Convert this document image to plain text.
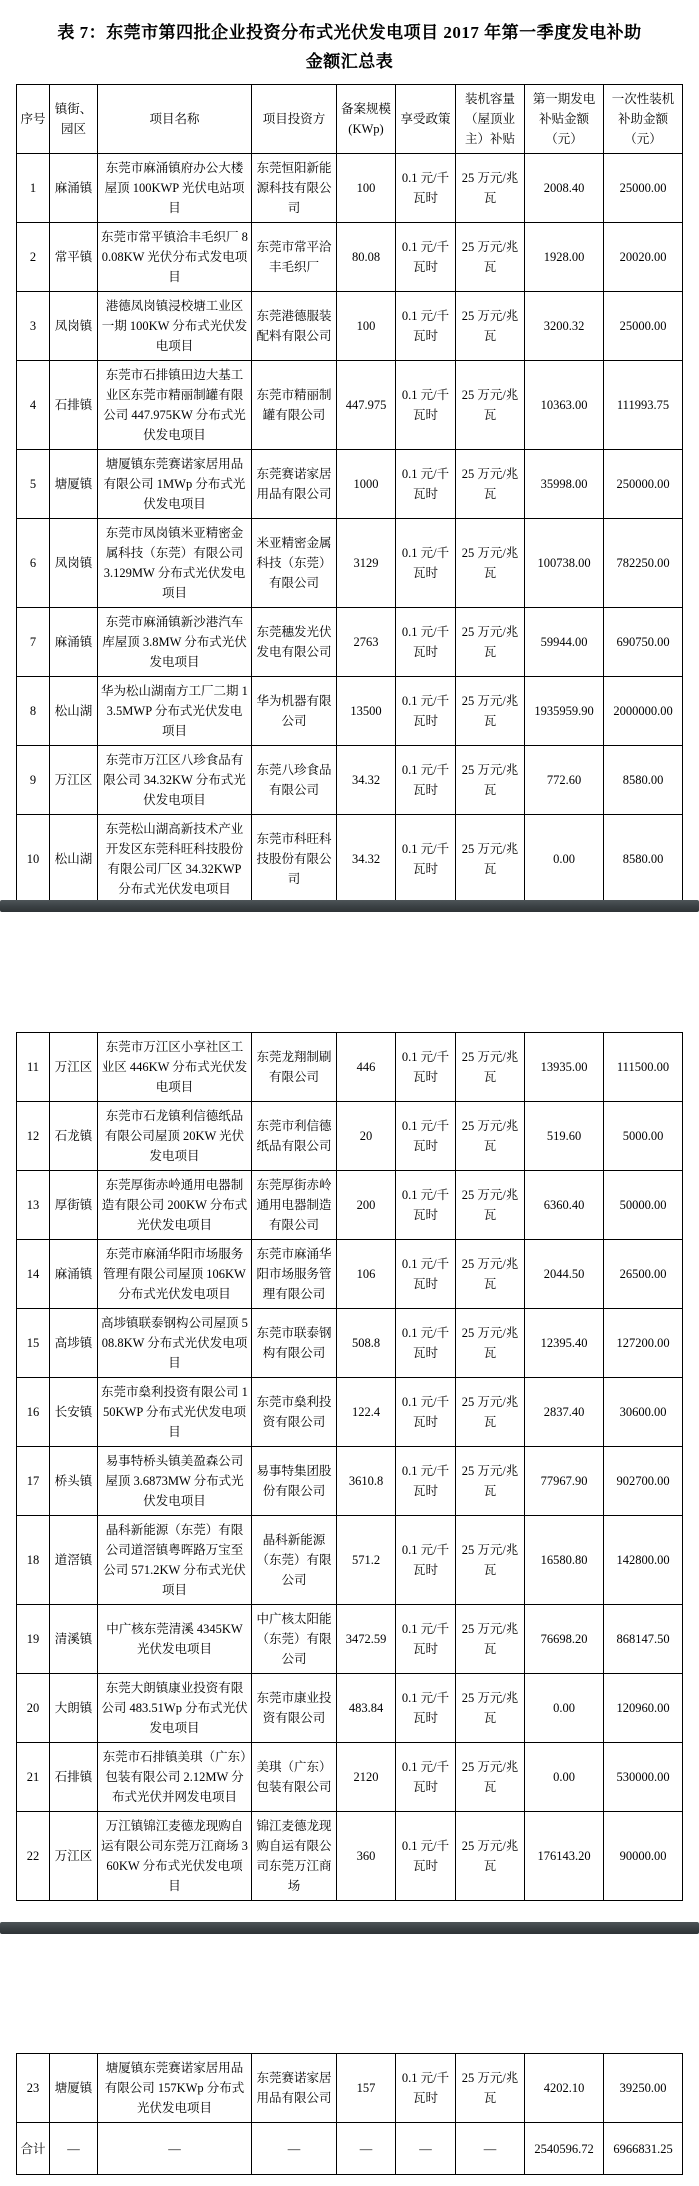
表 7：东莞市第四批企业投资分布式光伏发电项目 2017 年第一季度发电补助金额汇总表
序号	镇街、园区	项目名称	项目投资方	备案规模(KWp)	享受政策	装机容量（屋顶业主）补贴	第一期发电补贴金额（元）	一次性装机补助金额（元）
1	麻涌镇	东莞市麻涌镇府办公大楼屋顶 100KWP 光伏电站项目	东莞恒阳新能源科技有限公司	100	0.1 元/千瓦时	25 万元/兆瓦	2008.40	25000.00
2	常平镇	东莞市常平镇洽丰毛织厂 80.08KW 光伏分布式发电项目	东莞市常平洽丰毛织厂	80.08	0.1 元/千瓦时	25 万元/兆瓦	1928.00	20020.00
3	凤岗镇	港德凤岗镇浸校塘工业区一期 100KW 分布式光伏发电项目	东莞港德服装配料有限公司	100	0.1 元/千瓦时	25 万元/兆瓦	3200.32	25000.00
4	石排镇	东莞市石排镇田边大基工业区东莞市精丽制罐有限公司 447.975KW 分布式光伏发电项目	东莞市精丽制罐有限公司	447.975	0.1 元/千瓦时	25 万元/兆瓦	10363.00	111993.75
5	塘厦镇	塘厦镇东莞赛诺家居用品有限公司 1MWp 分布式光伏发电项目	东莞赛诺家居用品有限公司	1000	0.1 元/千瓦时	25 万元/兆瓦	35998.00	250000.00
6	凤岗镇	东莞市凤岗镇米亚精密金属科技（东莞）有限公司 3.129MW 分布式光伏发电项目	米亚精密金属科技（东莞）有限公司	3129	0.1 元/千瓦时	25 万元/兆瓦	100738.00	782250.00
7	麻涌镇	东莞市麻涌镇新沙港汽车库屋顶 3.8MW 分布式光伏发电项目	东莞穗发光伏发电有限公司	2763	0.1 元/千瓦时	25 万元/兆瓦	59944.00	690750.00
8	松山湖	华为松山湖南方工厂二期 13.5MWP 分布式光伏发电项目	华为机器有限公司	13500	0.1 元/千瓦时	25 万元/兆瓦	1935959.90	2000000.00
9	万江区	东莞市万江区八珍食品有限公司 34.32KW 分布式光伏发电项目	东莞八珍食品有限公司	34.32	0.1 元/千瓦时	25 万元/兆瓦	772.60	8580.00
10	松山湖	东莞松山湖高新技术产业开发区东莞科旺科技股份有限公司厂区 34.32KWP 分布式光伏发电项目	东莞市科旺科技股份有限公司	34.32	0.1 元/千瓦时	25 万元/兆瓦	0.00	8580.00
11	万江区	东莞市万江区小享社区工业区 446KW 分布式光伏发电项目	东莞龙翔制刷有限公司	446	0.1 元/千瓦时	25 万元/兆瓦	13935.00	111500.00
12	石龙镇	东莞市石龙镇利信德纸品有限公司屋顶 20KW 光伏发电项目	东莞市利信德纸品有限公司	20	0.1 元/千瓦时	25 万元/兆瓦	519.60	5000.00
13	厚街镇	东莞厚街赤岭通用电器制造有限公司 200KW 分布式光伏发电项目	东莞厚街赤岭通用电器制造有限公司	200	0.1 元/千瓦时	25 万元/兆瓦	6360.40	50000.00
14	麻涌镇	东莞市麻涌华阳市场服务管理有限公司屋顶 106KW 分布式光伏发电项目	东莞市麻涌华阳市场服务管理有限公司	106	0.1 元/千瓦时	25 万元/兆瓦	2044.50	26500.00
15	高埗镇	高埗镇联泰钢构公司屋顶 508.8KW 分布式光伏发电项目	东莞市联泰钢构有限公司	508.8	0.1 元/千瓦时	25 万元/兆瓦	12395.40	127200.00
16	长安镇	东莞市燊利投资有限公司 150KWP 分布式光伏发电项目	东莞市燊利投资有限公司	122.4	0.1 元/千瓦时	25 万元/兆瓦	2837.40	30600.00
17	桥头镇	易事特桥头镇美盈森公司屋顶 3.6873MW 分布式光伏发电项目	易事特集团股份有限公司	3610.8	0.1 元/千瓦时	25 万元/兆瓦	77967.90	902700.00
18	道滘镇	晶科新能源（东莞）有限公司道滘镇粤晖路万宝至公司 571.2KW 分布式光伏项目	晶科新能源（东莞）有限公司	571.2	0.1 元/千瓦时	25 万元/兆瓦	16580.80	142800.00
19	清溪镇	中广核东莞清溪 4345KW 光伏发电项目	中广核太阳能（东莞）有限公司	3472.59	0.1 元/千瓦时	25 万元/兆瓦	76698.20	868147.50
20	大朗镇	东莞大朗镇康业投资有限公司 483.51Wp 分布式光伏发电项目	东莞市康业投资有限公司	483.84	0.1 元/千瓦时	25 万元/兆瓦	0.00	120960.00
21	石排镇	东莞市石排镇美琪（广东）包装有限公司 2.12MW 分布式光伏并网发电项目	美琪（广东）包装有限公司	2120	0.1 元/千瓦时	25 万元/兆瓦	0.00	530000.00
22	万江区	万江镇锦江麦德龙现购自运有限公司东莞万江商场 360KW 分布式光伏发电项目	锦江麦德龙现购自运有限公司东莞万江商场	360	0.1 元/千瓦时	25 万元/兆瓦	176143.20	90000.00
23	塘厦镇	塘厦镇东莞赛诺家居用品有限公司 157KWp 分布式光伏发电项目	东莞赛诺家居用品有限公司	157	0.1 元/千瓦时	25 万元/兆瓦	4202.10	39250.00
合计	—	—	—	—	—	—	2540596.72	6966831.25
